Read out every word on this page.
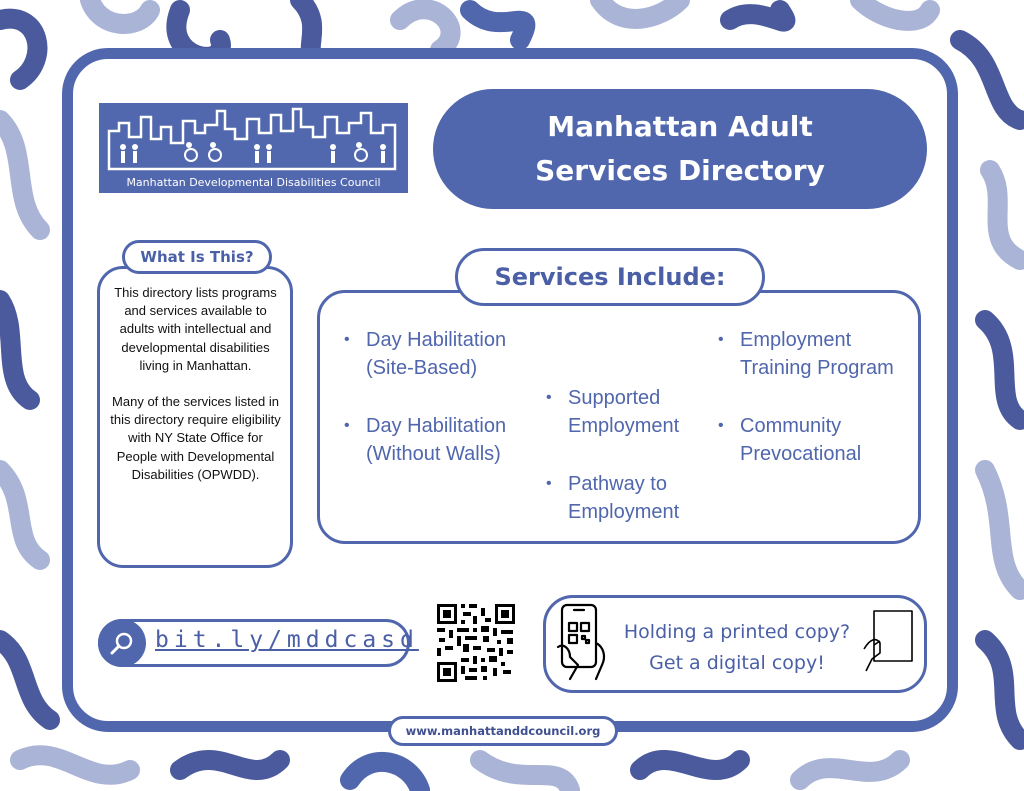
Manhattan Developmental Disabilities Council
Manhattan Adult
Services Directory
What Is This?

This directory lists programs and services available to adults with intellectual and developmental disabilities living in Manhattan.

Many of the services listed in this directory require eligibility with NY State Office for People with Developmental Disabilities (OPWDD).

Services Include:
• Day Habilitation
(Site-Based)
• Day Habilitation
(Without Walls)
• Supported
Employment
• Pathway to
Employment
• Employment
Training Program
• Community
Prevocational
bit.ly/mddcasd	Holding a printed copy?
Get a digital copy!
www.manhattanddcouncil.org
